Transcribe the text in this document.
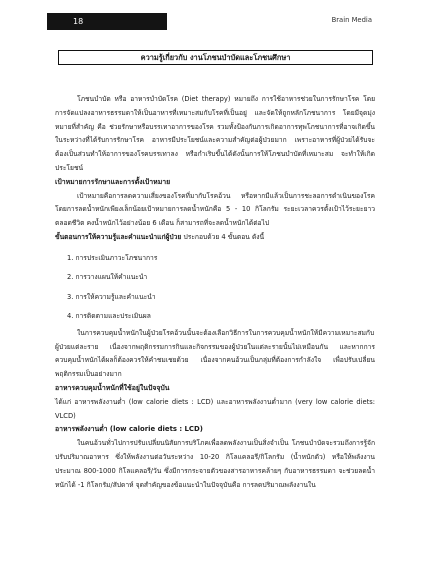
18	Brain Media
ความรู้เกี่ยวกับ งานโภชนบำบัดและโภชนศึกษา

โภชนบำบัด หรือ อาหารบำบัดโรค (Diet therapy) หมายถึง การใช้อาหารช่วยในการรักษาโรค โดยการจัดแปลงอาหารธรรมดาให้เป็นอาหารที่เหมาะสมกับโรคที่เป็นอยู่ และจัดให้ถูกหลักโภชนาการ โดยมีจุดมุ่งหมายที่สำคัญ คือ ช่วยรักษาหรือบรรเทาอาการของโรค รวมทั้งป้องกันการเกิดอาการทุพโภชนาการที่อาจเกิดขึ้นในระหว่างที่ได้รับการรักษาโรค อาหารมีประโยชน์และความสำคัญต่อผู้ป่วยมาก เพราะอาหารที่ผู้ป่วยได้รับจะต้องเป็นส่วนทำให้อาการของโรคบรรเทาลง หรือกำเริบขึ้นได้ดังนั้นการให้โภชนบำบัดที่เหมาะสม จะทำให้เกิดประโยชน์

เป้าหมายการรักษาและการตั้งเป้าหมาย

เป้าหมายคือการลดความเสี่ยงของโรคที่มากับโรคอ้วน หรือหากมีแล้วเป็นการชะลอการดำเนินของโรค โดยการลดน้ำหนักเพียงเล็กน้อยเป้าหมายการลดน้ำหนักคือ 5 - 10 กิโลกรัม ระยะเวลาควรตั้งเป้าไว้ระยะยาวตลอดชีวิต คงน้ำหนักไว้อย่างน้อย 6 เดือน ก็สามารถที่จะลดน้ำหนักได้ต่อไป

ขั้นตอนการให้ความรู้และคำแนะนำแก่ผู้ป่วย ประกอบด้วย 4 ขั้นตอน ดังนี้

1. การประเมินภาวะโภชนาการ
2. การวางแผนให้คำแนะนำ
3. การให้ความรู้และคำแนะนำ
4. การติดตามและประเมินผล

ในการควบคุมน้ำหนักในผู้ป่วยโรคอ้วนนั้นจะต้องเลือกวิธีการในการควบคุมน้ำหนักให้มีความเหมาะสมกับผู้ป่วยแต่ละราย เนื่องจากพฤติกรรมการกินและกิจกรรมของผู้ป่วยในแต่ละรายนั้นไม่เหมือนกัน และหากการควบคุมน้ำหนักได้ผลก็ต้องควรให้คำชมเชยด้วย เนื่องจากคนอ้วนเป็นกลุ่มที่ต้องการกำลังใจ เพื่อปรับเปลี่ยนพฤติกรรมเป็นอย่างมาก

อาหารควบคุมน้ำหนักที่ใช้อยู่ในปัจจุบัน

ได้แก่ อาหารพลังงานต่ำ (low calorie diets : LCD) และอาหารพลังงานต่ำมาก (very low calorie diets: VLCD)

อาหารพลังงานต่ำ (low calorie diets : LCD)

ในคนอ้วนทั่วไปการปรับเปลี่ยนนิสัยการบริโภคเพื่อลดพลังงานเป็นสิ่งจำเป็น โภชนบำบัดจะรวมถึงการรู้จักปรับปริมาณอาหาร ซึ่งให้พลังงานต่อวันระหว่าง 10-20 กิโลแคลอรี/กิโลกรัม (น้ำหนักตัว) หรือให้พลังงานประมาณ 800-1000 กิโลแคลอรี/วัน ซึ่งมีการกระจายตัวของสารอาหารคล้ายๆ กับอาหารธรรมดา จะช่วยลดน้ำหนักได้ -1 กิโลกรัม/สัปดาห์ จุดสำคัญของข้อแนะนำในปัจจุบันคือ การลดปริมาณพลังงานใน
